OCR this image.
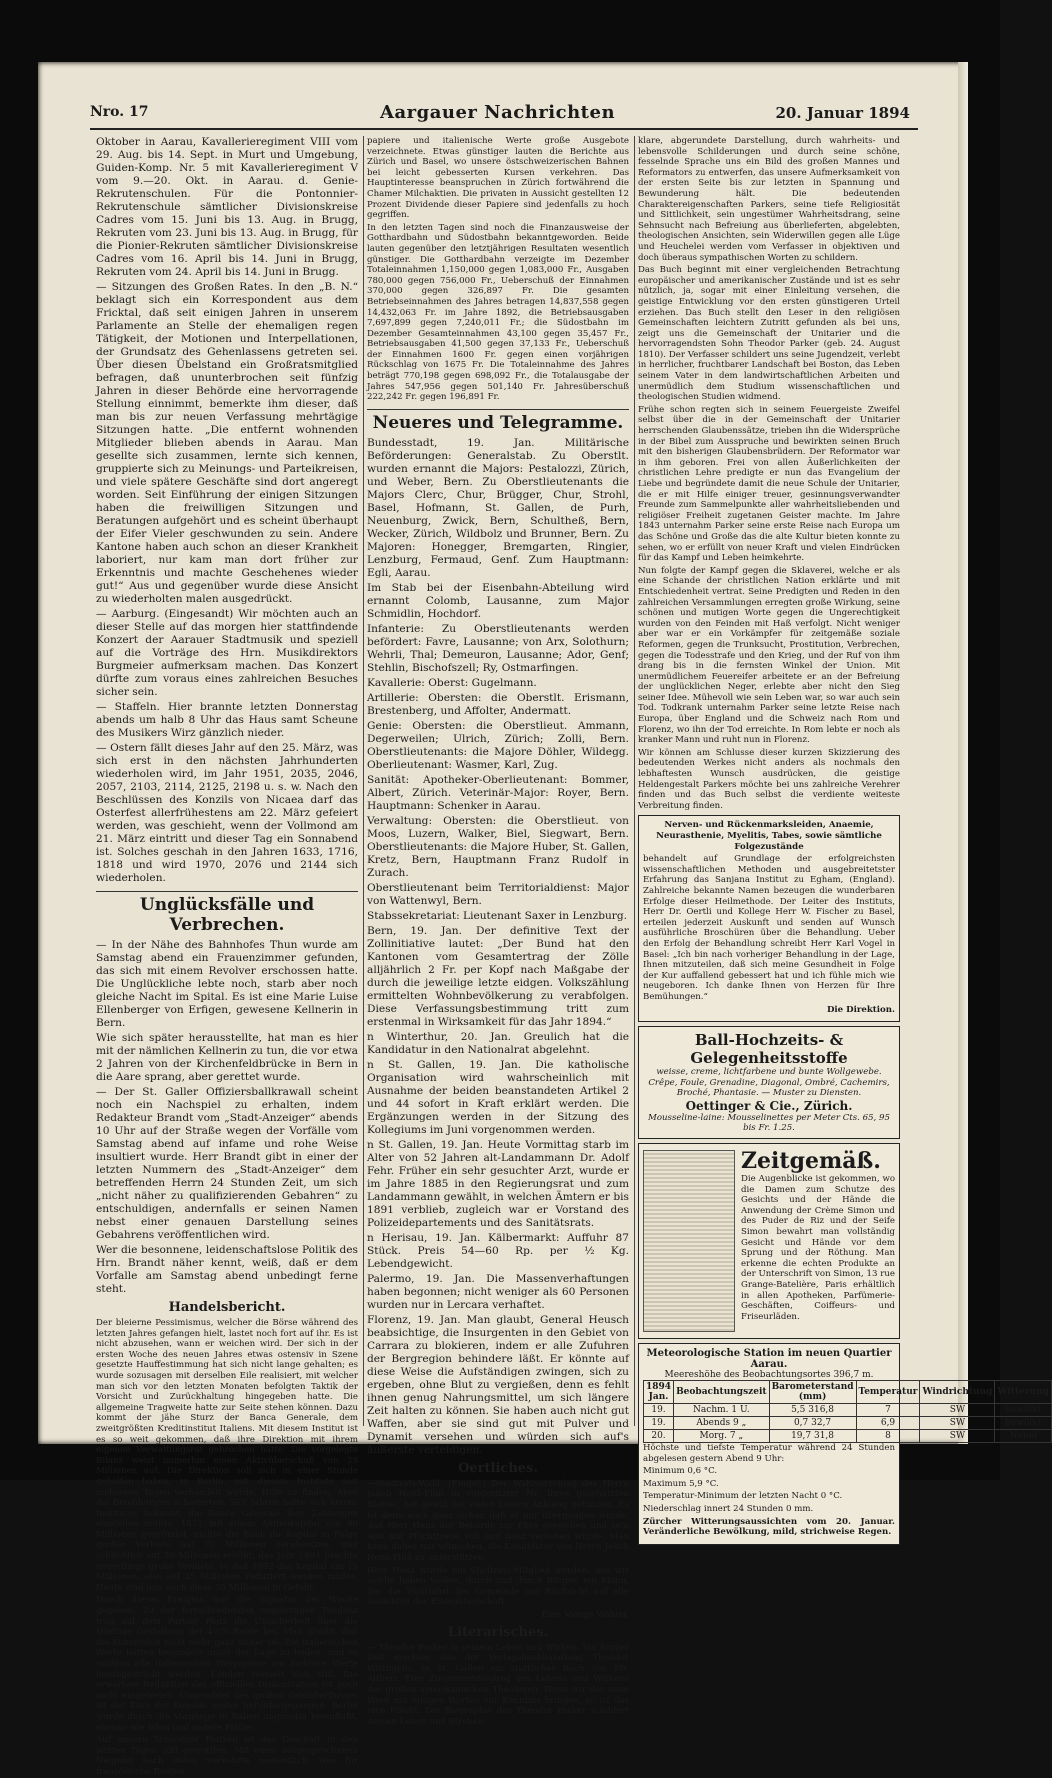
Nro. 17	Aargauer Nachrichten	20. Januar 1894

Oktober in Aarau, Kavallerieregiment VIII vom 29. Aug. bis 14. Sept. in Murt und Umgebung, Guiden-Komp. Nr. 5 mit Kavallerieregiment V vom 9.—20. Okt. in Aarau. d. Genie-Rekrutenschulen. Für die Pontonnier-Rekrutenschule sämtlicher Divisionskreise Cadres vom 15. Juni bis 13. Aug. in Brugg, Rekruten vom 23. Juni bis 13. Aug. in Brugg, für die Pionier-Rekruten sämtlicher Divisionskreise Cadres vom 16. April bis 14. Juni in Brugg, Rekruten vom 24. April bis 14. Juni in Brugg.

— Sitzungen des Großen Rates. In den „B. N.“ beklagt sich ein Korrespondent aus dem Fricktal, daß seit einigen Jahren in unserem Parlamente an Stelle der ehemaligen regen Tätigkeit, der Motionen und Interpellationen, der Grundsatz des Gehenlassens getreten sei. Über diesen Übelstand ein Großratsmitglied befragen, daß ununterbrochen seit fünfzig Jahren in dieser Behörde eine hervorragende Stellung einnimmt, bemerkte ihm dieser, daß man bis zur neuen Verfassung mehrtägige Sitzungen hatte. „Die entfernt wohnenden Mitglieder blieben abends in Aarau. Man gesellte sich zusammen, lernte sich kennen, gruppierte sich zu Meinungs- und Parteikreisen, und viele spätere Geschäfte sind dort angeregt worden. Seit Einführung der einigen Sitzungen haben die freiwilligen Sitzungen und Beratungen aufgehört und es scheint überhaupt der Eifer Vieler geschwunden zu sein. Andere Kantone haben auch schon an dieser Krankheit laboriert, nur kam man dort früher zur Erkenntnis und machte Geschehenes wieder gut!“ Aus und gegenüber wurde diese Ansicht zu wiederholten malen ausgedrückt.

— Aarburg. (Eingesandt) Wir möchten auch an dieser Stelle auf das morgen hier stattfindende Konzert der Aarauer Stadtmusik und speziell auf die Vorträge des Hrn. Musikdirektors Burgmeier aufmerksam machen. Das Konzert dürfte zum voraus eines zahlreichen Besuches sicher sein.

— Staffeln. Hier brannte letzten Donnerstag abends um halb 8 Uhr das Haus samt Scheune des Musikers Wirz gänzlich nieder.

— Ostern fällt dieses Jahr auf den 25. März, was sich erst in den nächsten Jahrhunderten wiederholen wird, im Jahr 1951, 2035, 2046, 2057, 2103, 2114, 2125, 2198 u. s. w. Nach den Beschlüssen des Konzils von Nicaea darf das Osterfest allerfrühestens am 22. März gefeiert werden, was geschieht, wenn der Vollmond am 21. März eintritt und dieser Tag ein Sonnabend ist. Solches geschah in den Jahren 1633, 1716, 1818 und wird 1970, 2076 und 2144 sich wiederholen.

Unglücksfälle und Verbrechen.

— In der Nähe des Bahnhofes Thun wurde am Samstag abend ein Frauenzimmer gefunden, das sich mit einem Revolver erschossen hatte. Die Unglückliche lebte noch, starb aber noch gleiche Nacht im Spital. Es ist eine Marie Luise Ellenberger von Erfigen, gewesene Kellnerin in Bern.

Wie sich später herausstellte, hat man es hier mit der nämlichen Kellnerin zu tun, die vor etwa 2 Jahren von der Kirchenfeldbrücke in Bern in die Aare sprang, aber gerettet wurde.

— Der St. Galler Offiziersballkrawall scheint noch ein Nachspiel zu erhalten, indem Redakteur Brandt vom „Stadt-Anzeiger“ abends 10 Uhr auf der Straße wegen der Vorfälle vom Samstag abend auf infame und rohe Weise insultiert wurde. Herr Brandt gibt in einer der letzten Nummern des „Stadt-Anzeiger“ dem betreffenden Herrn 24 Stunden Zeit, um sich „nicht näher zu qualifizierenden Gebahren“ zu entschuldigen, andernfalls er seinen Namen nebst einer genauen Darstellung seines Gebahrens veröffentlichen wird.

Wer die besonnene, leidenschaftslose Politik des Hrn. Brandt näher kennt, weiß, daß er dem Vorfalle am Samstag abend unbedingt ferne steht.

Handelsbericht.

Der bleierne Pessimismus, welcher die Börse während des letzten Jahres gefangen hielt, lastet noch fort auf ihr. Es ist nicht abzusehen, wann er weichen wird. Der sich in der ersten Woche des neuen Jahres etwas ostensiv in Szene gesetzte Hauffestimmung hat sich nicht lange gehalten; es wurde sozusagen mit derselben Eile realisiert, mit welcher man sich vor den letzten Monaten befolgten Taktik der Vorsicht und Zurückhaltung hingegeben hatte. Die allgemeine Tragweite hatte zur Seite stehen können. Dazu kommt der jähe Sturz der Banca Generale, dem zweitgrößten Kreditinstitut Italiens. Mit diesem Institut ist es so weit gekommen, daß ihre Direktion mit ihrem eigenen Verwaltungsrat gebrochen hatte. Die vorgelegte Bilanz weist immerhin einen Aktivüberschuß von 25 Millionen auf. Die Direktion soll sich in einer Stunde geholfen haben, in Berlin, mit diesem Institute seit mehreren Tagen verhandelt wurde, Hilfe zu finden. Aber die Bemühungen scheiterten. Seit Jahren hatte sich keines Institutes bekannt, die Banca Generale ihre Zahlungen einstellen mußte. 1871 mit einem Aktienkapital von 80 Millionen gegründet, mußte die Bank ihr Kapital in Folge großer Verluste auf 70 Millionen herabsetzen, und schließlich auf 50 Millionen erhöht; das Jahr 1891 brachte neuerdings große Verluste, so daß 1892 das Kapital um 15 Millionen, also auf 35 Millionen reduziert werden mußte. Heute sind nun auch diese 35 Millionen in Gefahr.

Durch dieses Ereignis war die Signatur der Woche gegeben. Zu der fortschreitenden ungünstigen Tendenz trug auf dem Pariser Platz die Unsicherheit über die künftige Gestaltung der 4½% Rente bei. Man glaubt, daß die Konversion nicht mehr ganz sicher sei. Die italienischen Werte hatten besonders unter der Lage zu leiden, und es mußten alle italienischen Werpapiere um mehrere Werte herabgedrückt werden. London verhielt sich still. Die erwartete Reduktion des offiziellen Diskontsatzes ist noch nicht eingetreten. Ungeachtet des großen Geldüberflusses ist der Kurs der Konsols weiter heruntergegangen. Berlin wurde durch die Vorgänge in Italien ungünstig beeinflußt, ebenso wie Wien und andere Plätze.

Auf unsern Schweizer Plätzen ist das Geschäft in den letzten Tagen still geworden. Mit einer ausgesprochenen Neigung nach unten verkehrte namentlich, was für französische Renten-

papiere und italienische Werte große Ausgebote verzeichnete. Etwas günstiger lauten die Berichte aus Zürich und Basel, wo unsere östschweizerischen Bahnen bei leicht gebesserten Kursen verkehren. Das Hauptinteresse beanspruchen in Zürich fortwährend die Chamer Milchaktien. Die privaten in Aussicht gestellten 12 Prozent Dividende dieser Papiere sind jedenfalls zu hoch gegriffen.

In den letzten Tagen sind noch die Finanzausweise der Gotthardbahn und Südostbahn bekanntgeworden. Beide lauten gegenüber den letztjährigen Resultaten wesentlich günstiger. Die Gotthardbahn verzeigte im Dezember Totaleinnahmen 1,150,000 gegen 1,083,000 Fr., Ausgaben 780,000 gegen 756,000 Fr., Ueberschuß der Einnahmen 370,000 gegen 326,897 Fr. Die gesamten Betriebseinnahmen des Jahres betragen 14,837,558 gegen 14,432,063 Fr. im Jahre 1892, die Betriebsausgaben 7,697,899 gegen 7,240,011 Fr.; die Südostbahn im Dezember Gesamteinnahmen 43,100 gegen 35,457 Fr., Betriebsausgaben 41,500 gegen 37,133 Fr., Ueberschuß der Einnahmen 1600 Fr. gegen einen vorjährigen Rückschlag von 1675 Fr. Die Totaleinnahme des Jahres beträgt 770,198 gegen 698,092 Fr., die Totalausgabe der Jahres 547,956 gegen 501,140 Fr. Jahresüberschuß 222,242 Fr. gegen 196,891 Fr.

Neueres und Telegramme.

Bundesstadt, 19. Jan. Militärische Beförderungen: Generalstab. Zu Oberstlt. wurden ernannt die Majors: Pestalozzi, Zürich, und Weber, Bern. Zu Oberstlieutenants die Majors Clerc, Chur, Brügger, Chur, Strohl, Basel, Hofmann, St. Gallen, de Purh, Neuenburg, Zwick, Bern, Schultheß, Bern, Wecker, Zürich, Wildbolz und Brunner, Bern. Zu Majoren: Honegger, Bremgarten, Ringier, Lenzburg, Fermaud, Genf. Zum Hauptmann: Egli, Aarau.

Im Stab bei der Eisenbahn-Abteilung wird ernannt Colomb, Lausanne, zum Major Schmidlin, Hochdorf.

Infanterie: Zu Oberstlieutenants werden befördert: Favre, Lausanne; von Arx, Solothurn; Wehrli, Thal; Demeuron, Lausanne; Ador, Genf; Stehlin, Bischofszell; Ry, Ostmarfingen.

Kavallerie: Oberst: Gugelmann.

Artillerie: Obersten: die Oberstlt. Erismann, Brestenberg, und Affolter, Andermatt.

Genie: Obersten: die Oberstlieut. Ammann, Degerweilen; Ulrich, Zürich; Zolli, Bern. Oberstlieutenants: die Majore Döhler, Wildegg. Oberlieutenant: Wasmer, Karl, Zug.

Sanität: Apotheker-Oberlieutenant: Bommer, Albert, Zürich. Veterinär-Major: Royer, Bern. Hauptmann: Schenker in Aarau.

Verwaltung: Obersten: die Oberstlieut. von Moos, Luzern, Walker, Biel, Siegwart, Bern. Oberstlieutenants: die Majore Huber, St. Gallen, Kretz, Bern, Hauptmann Franz Rudolf in Zurach.

Oberstlieutenant beim Territorialdienst: Major von Wattenwyl, Bern.

Stabssekretariat: Lieutenant Saxer in Lenzburg.

Bern, 19. Jan. Der definitive Text der Zollinitiative lautet: „Der Bund hat den Kantonen vom Gesamtertrag der Zölle alljährlich 2 Fr. per Kopf nach Maßgabe der durch die jeweilige letzte eidgen. Volkszählung ermittelten Wohnbevölkerung zu verabfolgen. Diese Verfassungsbestimmung tritt zum erstenmal in Wirksamkeit für das Jahr 1894.“

n Winterthur, 20. Jan. Greulich hat die Kandidatur in den Nationalrat abgelehnt.

n St. Gallen, 19. Jan. Die katholische Organisation wird wahrscheinlich mit Ausnahme der beiden beanstandeten Artikel 2 und 44 sofort in Kraft erklärt werden. Die Ergänzungen werden in der Sitzung des Kollegiums im Juni vorgenommen werden.

n St. Gallen, 19. Jan. Heute Vormittag starb im Alter von 52 Jahren alt-Landammann Dr. Adolf Fehr. Früher ein sehr gesuchter Arzt, wurde er im Jahre 1885 in den Regierungsrat und zum Landammann gewählt, in welchen Ämtern er bis 1891 verblieb, zugleich war er Vorstand des Polizeidepartements und des Sanitätsrats.

n Herisau, 19. Jan. Kälbermarkt: Auffuhr 87 Stück. Preis 54—60 Rp. per ½ Kg. Lebendgewicht.

Palermo, 19. Jan. Die Massenverhaftungen haben begonnen; nicht weniger als 60 Personen wurden nur in Lercara verhaftet.

Florenz, 19. Jan. Man glaubt, General Heusch beabsichtige, die Insurgenten in den Gebiet von Carrara zu blokieren, indem er alle Zufuhren der Bergregion behindere läßt. Er könnte auf diese Weise die Aufständigen zwingen, sich zu ergeben, ohne Blut zu vergießen, denn es fehlt ihnen genug Nahrungsmittel, um sich längere Zeit halten zu können. Sie haben auch nicht gut Waffen, aber sie sind gut mit Pulver und Dynamit versehen und würden sich auf's äußerste verteidigen.

Oertliches.

—Stadtrats-Wahl. (Eingef.) Der Wahlvorschlag des Herrn Jakob Henz-Plüß in vorgeritzter Nr. Ihres geschätzten Blattes, hat gewiß bei vielen Lesern Anklang gefunden. Es ist denn auch ganz sicher, daß er nur übergangen wurde, daß Herr Henz der Behörde zur Ehre gereichen und sein Amt mit Pflichttreue voll und ganz versehen würde. Man kann daher nur wünschen, die Kandidatur von Herrn Jakob Henz-Plüß zu unterstützen.

Herr Henz würde ein Stadtrats-Mitglied werden, wie wir solche haben wollen, durch und durch Bürger, ein Mann, der die Wohlfahrt der Gemeinde mit Rücksicht auf alle Ansichten der Einwohnerschaft.

Eine Menge Wähler.

Literarisches.

— Theodor Parker in seinem Leben und Wirken. Vor kurzer Zeit erschien aus der Verlagsbuchhandlung Theodor Wirthgebs, in St. Gallen ein stattliches Buch von Pfr. Altherr. Eine Zusammenfassung des Lebens und Wirkens des großen amerikanischen Theologen. Wenn wir das neue Werk mit einigen Worten zur Kenntnis bringen, so ist das eine Pflicht. Die Biographie des Theodor Parker schildert dessen Leben und Streben.

klare, abgerundete Darstellung, durch wahrheits- und lebensvolle Schilderungen und durch seine schöne, fesselnde Sprache uns ein Bild des großen Mannes und Reformators zu entwerfen, das unsere Aufmerksamkeit von der ersten Seite bis zur letzten in Spannung und Bewunderung hält. Die bedeutenden Charaktereigenschaften Parkers, seine tiefe Religiosität und Sittlichkeit, sein ungestümer Wahrheitsdrang, seine Sehnsucht nach Befreiung aus überlieferten, abgelebten, theologischen Ansichten, sein Widerwillen gegen alle Lüge und Heuchelei werden vom Verfasser in objektiven und doch überaus sympathischen Worten zu schildern.

Das Buch beginnt mit einer vergleichenden Betrachtung europäischer und amerikanischer Zustände und ist es sehr nützlich, ja, sogar mit einer Einleitung versehen, die geistige Entwicklung vor den ersten günstigeren Urteil erziehen. Das Buch stellt den Leser in den religiösen Gemeinschaften leichtern Zutritt gefunden als bei uns, zeigt uns die Gemeinschaft der Unitarier und die hervorragendsten Sohn Theodor Parker (geb. 24. August 1810). Der Verfasser schildert uns seine Jugendzeit, verlebt in herrlicher, fruchtbarer Landschaft bei Boston, das Leben seinem Vater in dem landwirtschaftlichen Arbeiten und unermüdlich dem Studium wissenschaftlichen und theologischen Studien widmend.

Frühe schon regten sich in seinem Feuergeiste Zweifel selbst über die in der Gemeinschaft der Unitarier herrschenden Glaubenssätze, trieben ihn die Widersprüche in der Bibel zum Ausspruche und bewirkten seinen Bruch mit den bisherigen Glaubensbrüdern. Der Reformator war in ihm geboren. Frei von allen Äußerlichkeiten der christlichen Lehre predigte er nun das Evangelium der Liebe und begründete damit die neue Schule der Unitarier, die er mit Hilfe einiger treuer, gesinnungsverwandter Freunde zum Sammelpunkte aller wahrheitsliebenden und religiöser Freiheit zugetanen Geister machte. Im Jahre 1843 unternahm Parker seine erste Reise nach Europa um das Schöne und Große das die alte Kultur bieten konnte zu sehen, wo er erfüllt von neuer Kraft und vielen Eindrücken für das Kampf und Leben heimkehrte.

Nun folgte der Kampf gegen die Sklaverei, welche er als eine Schande der christlichen Nation erklärte und mit Entschiedenheit vertrat. Seine Predigten und Reden in den zahlreichen Versammlungen erregten große Wirkung, seine schönen und mutigen Worte gegen die Ungerechtigkeit wurden von den Feinden mit Haß verfolgt. Nicht weniger aber war er ein Vorkämpfer für zeitgemäße soziale Reformen, gegen die Trunksucht, Prostitution, Verbrechen, gegen die Todesstrafe und den Krieg, und der Ruf von ihm drang bis in die fernsten Winkel der Union. Mit unermüdlichem Feuereifer arbeitete er an der Befreiung der unglücklichen Neger, erlebte aber nicht den Sieg seiner Idee. Mühevoll wie sein Leben war, so war auch sein Tod. Todkrank unternahm Parker seine letzte Reise nach Europa, über England und die Schweiz nach Rom und Florenz, wo ihn der Tod erreichte. In Rom lebte er noch als kranker Mann und ruht nun in Florenz.

Wir können am Schlusse dieser kurzen Skizzierung des bedeutenden Werkes nicht anders als nochmals den lebhaftesten Wunsch ausdrücken, die geistige Heldengestalt Parkers möchte bei uns zahlreiche Verehrer finden und das Buch selbst die verdiente weiteste Verbreitung finden.

Nerven- und Rückenmarksleiden, Anaemie, Neurasthenie, Myelitis, Tabes, sowie sämtliche Folgezustände

behandelt auf Grundlage der erfolgreichsten wissenschaftlichen Methoden und ausgebreitetster Erfahrung das Sanjana Institut zu Egham, (England). Zahlreiche bekannte Namen bezeugen die wunderbaren Erfolge dieser Heilmethode. Der Leiter des Instituts, Herr Dr. Oertli und Kollege Herr W. Fischer zu Basel, erteilen jederzeit Auskunft und senden auf Wunsch ausführliche Broschüren über die Behandlung. Ueber den Erfolg der Behandlung schreibt Herr Karl Vogel in Basel: „Ich bin nach vorheriger Behandlung in der Lage, Ihnen mitzuteilen, daß sich meine Gesundheit in Folge der Kur auffallend gebessert hat und ich fühle mich wie neugeboren. Ich danke Ihnen von Herzen für Ihre Bemühungen.“

Die Direktion.

Ball-Hochzeits- & Gelegenheitsstoffe
weisse, creme, lichtfarbene und bunte Wollgewebe. Crêpe, Foule, Grenadine, Diagonal, Ombré, Cachemirs, Broché, Phantasie. — Muster zu Diensten.
Oettinger & Cie., Zürich.
Mousseline-laine: Mousselinettes per Meter Cts. 65, 95 bis Fr. 1.25.
Zeitgemäß.

Die Augenblicke ist gekommen, wo die Damen zum Schutze des Gesichts und der Hände die Anwendung der Crème Simon und des Puder de Riz und der Seife Simon bewahrt man vollständig Gesicht und Hände vor dem Sprung und der Röthung. Man erkenne die echten Produkte an der Unterschrift von Simon, 13 rue Grange-Batelière, Paris erhältlich in allen Apotheken, Parfümerie-Geschäften, Coiffeurs- und Friseurläden.

Meteorologische Station im neuen Quartier Aarau.
Meereshöhe des Beobachtungsortes 396,7 m.
1894 Jan.	Beobachtungszeit	Barometerstand (mm)	Temperatur	Windrichtung	Witterung
19.	Nachm. 1 U.	5,5 316,8	7	SW	bewölkt
19.	Abends 9 „	0,7 32,7	6,9	SW	bewölkt
20.	Morg. 7 „	19,7 31,8	8	SW	Nebel

Höchste und tiefste Temperatur während 24 Stunden abgelesen gestern Abend 9 Uhr:

Minimum 0,6 °C.

Maximum 5,9 °C.

Temperatur-Minimum der letzten Nacht 0 °C.

Niederschlag innert 24 Stunden 0 mm.

Zürcher Witterungsaussichten vom 20. Januar. Veränderliche Bewölkung, mild, strichweise Regen.
